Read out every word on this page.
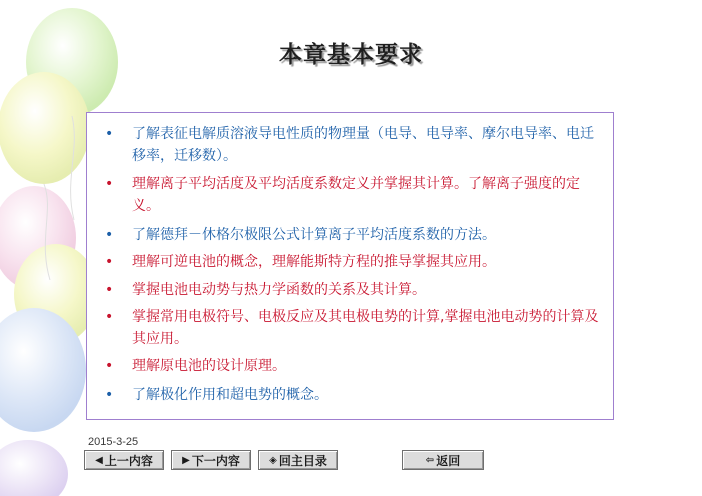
本章基本要求
• 了解表征电解质溶液导电性质的物理量（电导、电导率、摩尔电导率、电迁移率，迁移数）。
• 理解离子平均活度及平均活度系数定义并掌握其计算。了解离子强度的定义。
• 了解德拜－休格尔极限公式计算离子平均活度系数的方法。
• 理解可逆电池的概念，理解能斯特方程的推导掌握其应用。
• 掌握电池电动势与热力学函数的关系及其计算。
• 掌握常用电极符号、电极反应及其电极电势的计算,掌握电池电动势的计算及其应用。
• 理解原电池的设计原理。
• 了解极化作用和超电势的概念。
2015-3-25
◀ 上一内容	▶ 下一内容	◈ 回主目录	⇦ 返回
